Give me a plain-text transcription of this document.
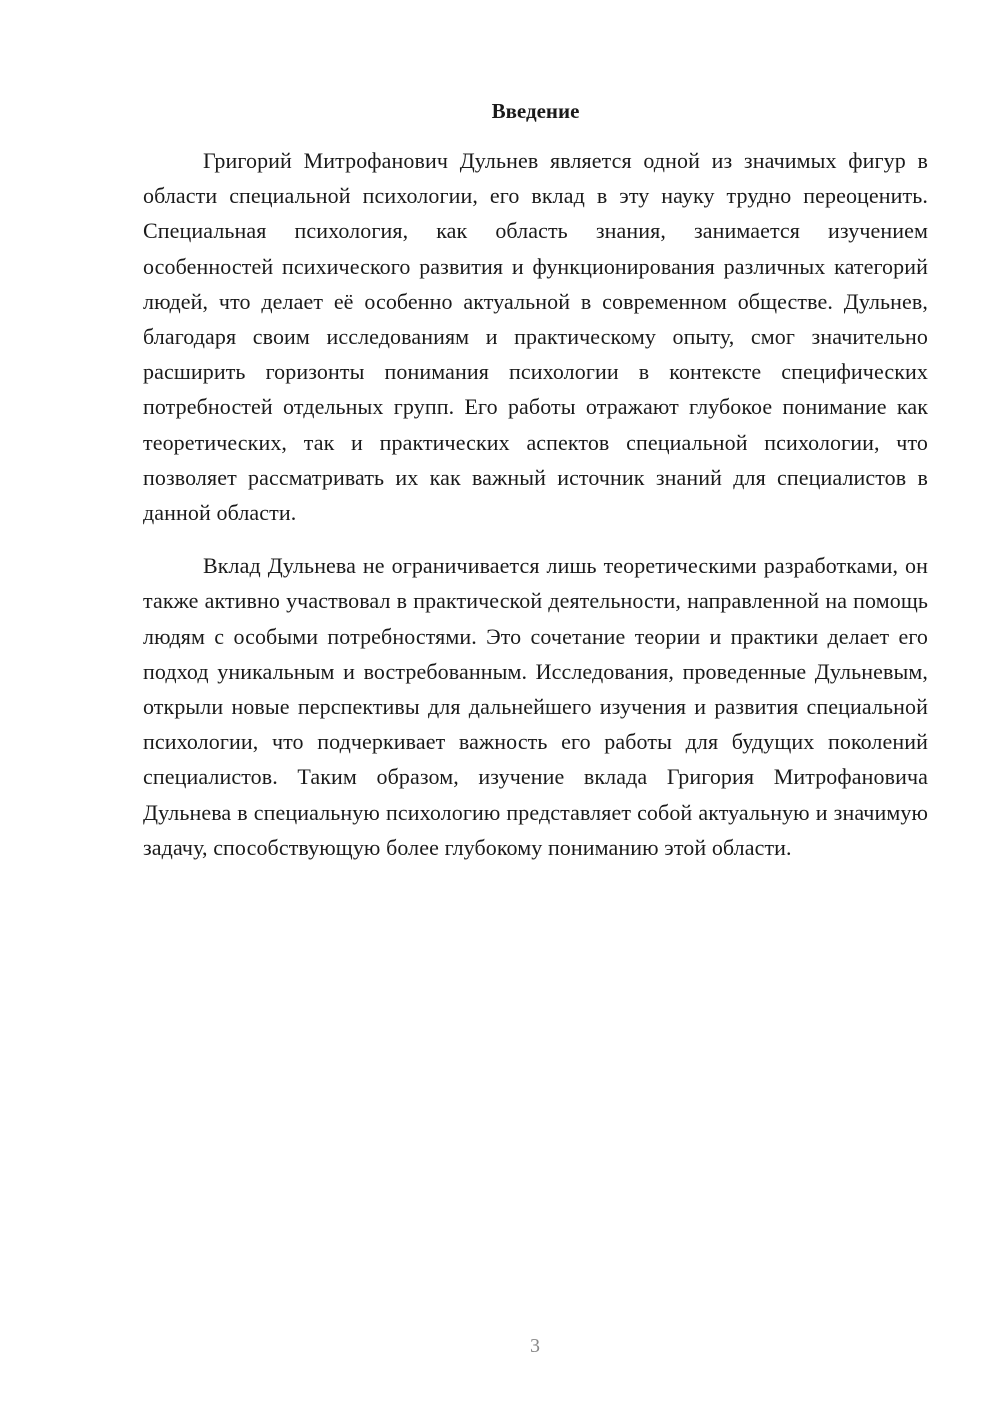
Введение

Григорий Митрофанович Дульнев является одной из значимых фигур в области специальной психологии, его вклад в эту науку трудно переоценить. Специальная психология, как область знания, занимается изучением особенностей психического развития и функционирования различных категорий людей, что делает её особенно актуальной в современном обществе. Дульнев, благодаря своим исследованиям и практическому опыту, смог значительно расширить горизонты понимания психологии в контексте специфических потребностей отдельных групп. Его работы отражают глубокое понимание как теоретических, так и практических аспектов специальной психологии, что позволяет рассматривать их как важный источник знаний для специалистов в данной области.

Вклад Дульнева не ограничивается лишь теоретическими разработками, он также активно участвовал в практической деятельности, направленной на помощь людям с особыми потребностями. Это сочетание теории и практики делает его подход уникальным и востребованным. Исследования, проведенные Дульневым, открыли новые перспективы для дальнейшего изучения и развития специальной психологии, что подчеркивает важность его работы для будущих поколений специалистов. Таким образом, изучение вклада Григория Митрофановича Дульнева в специальную психологию представляет собой актуальную и значимую задачу, способствующую более глубокому пониманию этой области.

3
